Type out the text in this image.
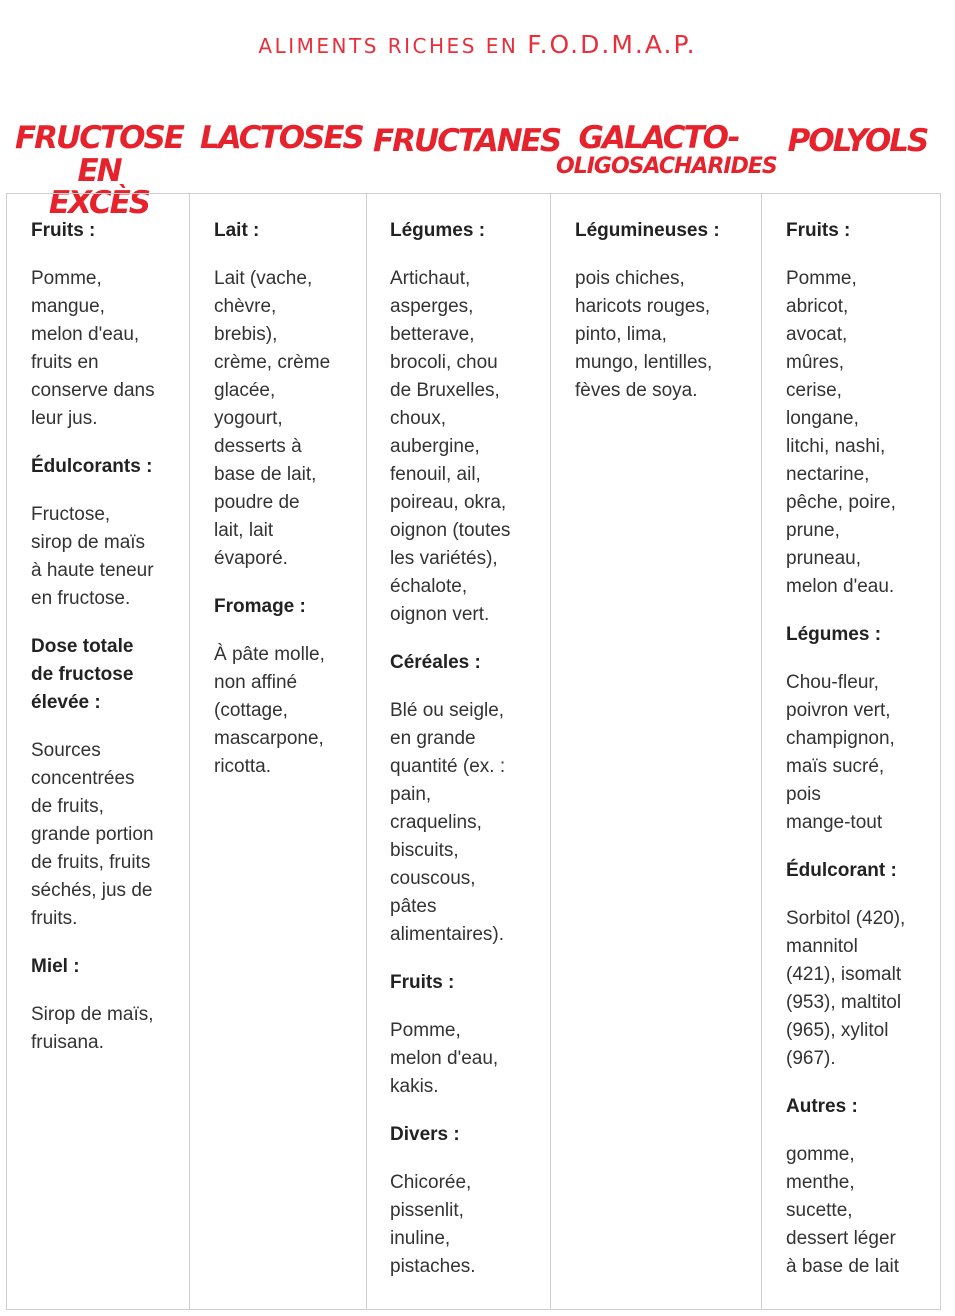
ALIMENTS RICHES EN F.O.D.M.A.P.
FRUCTOSE EN
EXCÈS
LACTOSES FRUCTANES GALACTO-
OLIGOSACHARIDES
POLYOLS
Fruits :
Pomme,
mangue,
melon d'eau,
fruits en
conserve dans
leur jus.
Édulcorants :
Fructose,
sirop de maïs
à haute teneur
en fructose.
Dose totale
de fructose
élevée :
Sources
concentrées
de fruits,
grande portion
de fruits, fruits
séchés, jus de
fruits.
Miel :
Sirop de maïs,
fruisana.
Lait :
Lait (vache,
chèvre,
brebis),
crème, crème
glacée,
yogourt,
desserts à
base de lait,
poudre de
lait, lait
évaporé.
Fromage :
À pâte molle,
non affiné
(cottage,
mascarpone,
ricotta.
Légumes :
Artichaut,
asperges,
betterave,
brocoli, chou
de Bruxelles,
choux,
aubergine,
fenouil, ail,
poireau, okra,
oignon (toutes
les variétés),
échalote,
oignon vert.
Céréales :
Blé ou seigle,
en grande
quantité (ex. :
pain,
craquelins,
biscuits,
couscous,
pâtes
alimentaires).
Fruits :
Pomme,
melon d'eau,
kakis.
Divers :
Chicorée,
pissenlit,
inuline,
pistaches.
Légumineuses :
pois chiches,
haricots rouges,
pinto, lima,
mungo, lentilles,
fèves de soya.
Fruits :
Pomme,
abricot,
avocat,
mûres,
cerise,
longane,
litchi, nashi,
nectarine,
pêche, poire,
prune,
pruneau,
melon d'eau.
Légumes :
Chou-fleur,
poivron vert,
champignon,
maïs sucré,
pois
mange-tout
Édulcorant :
Sorbitol (420),
mannitol
(421), isomalt
(953), maltitol
(965), xylitol
(967).
Autres :
gomme,
menthe,
sucette,
dessert léger
à base de lait
